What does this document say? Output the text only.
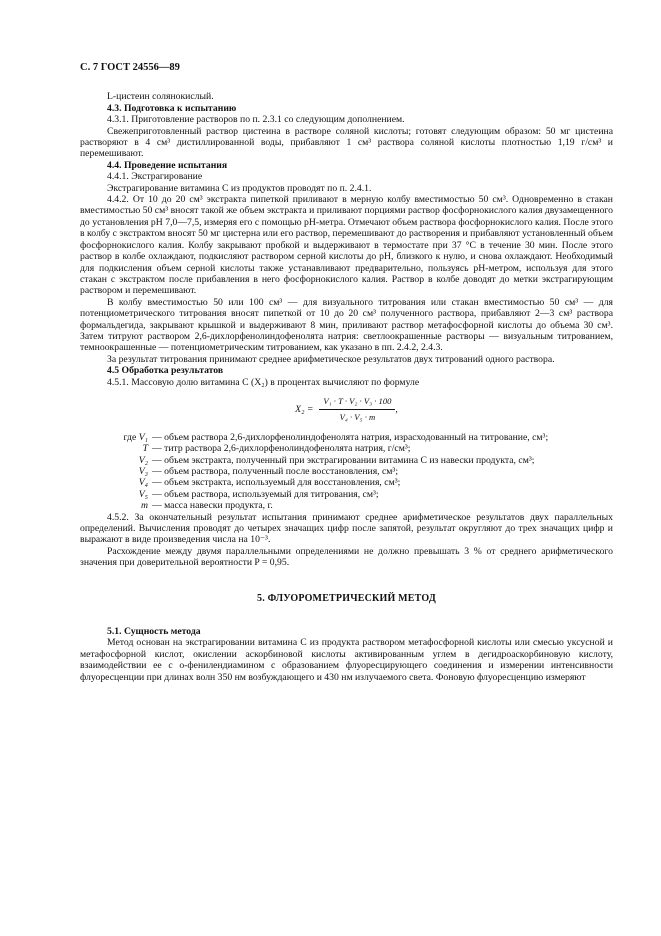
С. 7 ГОСТ 24556—89

L-цистеин солянокислый.

4.3. Подготовка к испытанию

4.3.1. Приготовление растворов по п. 2.3.1 со следующим дополнением.

Свежеприготовленный раствор цистеина в растворе соляной кислоты; готовят следующим образом: 50 мг цистеина растворяют в 4 см³ дистиллированной воды, прибавляют 1 см³ раствора соляной кислоты плотностью 1,19 г/см³ и перемешивают.

4.4. Проведение испытания

4.4.1. Экстрагирование

Экстрагирование витамина С из продуктов проводят по п. 2.4.1.

4.4.2. От 10 до 20 см³ экстракта пипеткой приливают в мерную колбу вместимостью 50 см³. Одновременно в стакан вместимостью 50 см³ вносят такой же объем экстракта и приливают порциями раствор фосфорнокислого калия двузамещенного до установления pH 7,0—7,5, измеряя его с помощью pH-метра. Отмечают объем раствора фосфорнокислого калия. После этого в колбу с экстрактом вносят 50 мг цистерна или его раствор, перемешивают до растворения и прибавляют установленный объем фосфорнокислого калия. Колбу закрывают пробкой и выдерживают в термостате при 37 °С в течение 30 мин. После этого раствор в колбе охлаждают, подкисляют раствором серной кислоты до pH, близкого к нулю, и снова охлаждают. Необходимый для подкисления объем серной кислоты также устанавливают предварительно, пользуясь pH-метром, используя для этого стакан с экстрактом после прибавления в него фосфорнокислого калия. Раствор в колбе доводят до метки экстрагирующим раствором и перемешивают.

В колбу вместимостью 50 или 100 см³ — для визуального титрования или стакан вместимостью 50 см³ — для потенциометрического титрования вносят пипеткой от 10 до 20 см³ полученного раствора, прибавляют 2—3 см³ раствора формальдегида, закрывают крышкой и выдерживают 8 мин, приливают раствор метафосфорной кислоты до объема 30 см³. Затем титруют раствором 2,6-дихлорфенолиндофенолята натрия: светлоокрашенные растворы — визуальным титрованием, темноокрашенные — потенциометрическим титрованием, как указано в пп. 2.4.2, 2.4.3.

За результат титрования принимают среднее арифметическое результатов двух титрований одного раствора.

4.5 Обработка результатов

4.5.1. Массовую долю витамина С (X₂) в процентах вычисляют по формуле

$X_2 = \frac{\text{V₁ · T · V₂ · V₃ · 100}}{\text{V₄ · V₅ · m}}$ ,
где V₁ — объем раствора 2,6-дихлорфенолиндофенолята натрия, израсходованный на титрование, см³;
T — титр раствора 2,6-дихлорфенолиндофенолята натрия, г/см³;
V₂ — объем экстракта, полученный при экстрагировании витамина С из навески продукта, см³;
V₃ — объем раствора, полученный после восстановления, см³;
V₄ — объем экстракта, используемый для восстановления, см³;
V₅ — объем раствора, используемый для титрования, см³;
m — масса навески продукта, г.

4.5.2. За окончательный результат испытания принимают среднее арифметическое результатов двух параллельных определений. Вычисления проводят до четырех значащих цифр после запятой, результат округляют до трех значащих цифр и выражают в виде произведения числа на 10⁻³.

Расхождение между двумя параллельными определениями не должно превышать 3 % от среднего арифметического значения при доверительной вероятности P = 0,95.

5. ФЛУОРОМЕТРИЧЕСКИЙ МЕТОД

5.1. Сущность метода

Метод основан на экстрагировании витамина С из продукта раствором метафосфорной кислоты или смесью уксусной и метафосфорной кислот, окислении аскорбиновой кислоты активированным углем в дегидроаскорбиновую кислоту, взаимодействии ее с о-фенилендиамином с образованием флуоресцирующего соединения и измерении интенсивности флуоресценции при длинах волн 350 нм возбуждающего и 430 нм излучаемого света. Фоновую флуоресценцию измеряют
